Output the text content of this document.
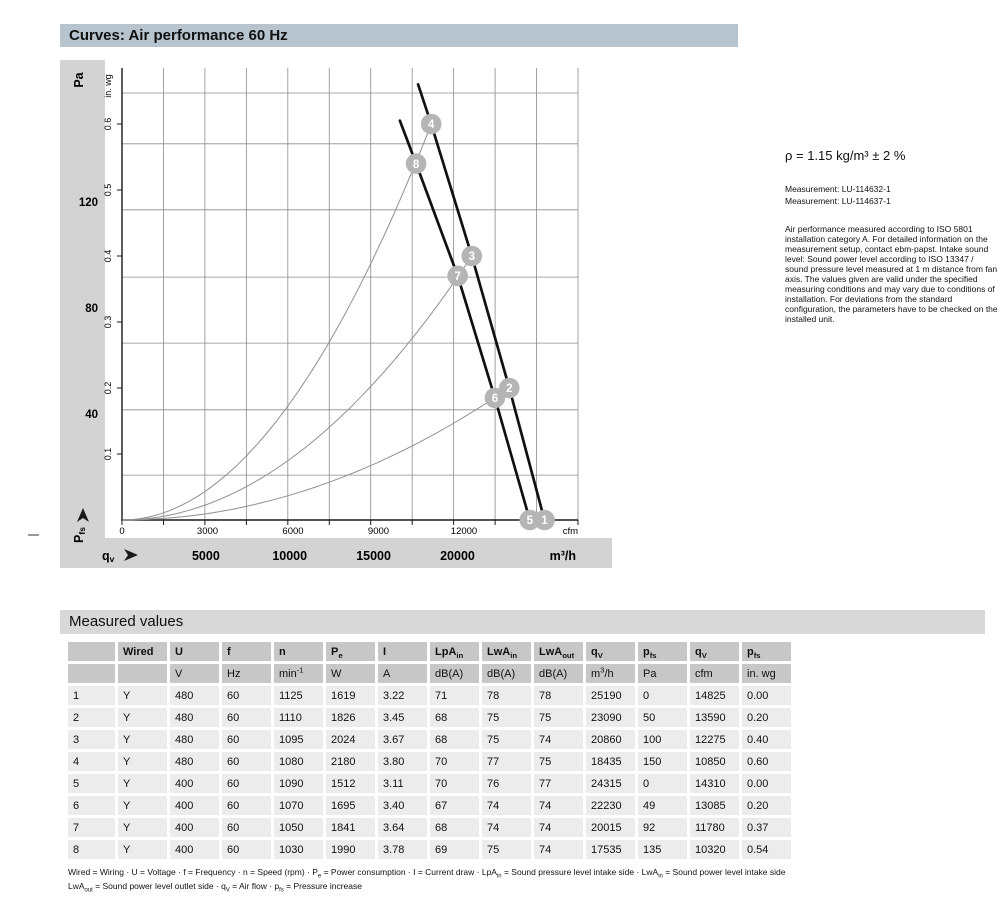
Curves: Air performance 60 Hz
4
3
2
1
8
7
6
5
Pa in. wg
0.1
0.2
0.3
0.4
0.5
0.6
40
80
120
Pfs	0	3000	6000	9000	12000	cfm
qv	5000	10000	15000	20000	m³/h
ρ = 1.15 kg/m³ ± 2 %
Measurement: LU-114632-1
Measurement: LU-114637-1
Air performance measured according to ISO 5801 installation category A. For detailed information on the measurement setup, contact ebm-papst. Intake sound level: Sound power level according to ISO 13347 / sound pressure level measured at 1 m distance from fan axis. The values given are valid under the specified measuring conditions and may vary due to conditions of installation. For deviations from the standard configuration, the parameters have to be checked on the installed unit.
Measured values
	Wired	U	f	n	$P_e$	I	LpA$_{in}$	LwA$_{in}$	LwA$_{out}$	$q_V$	$p_{fs}$	$q_V$	$p_{fs}$
		V	Hz	$\min^{-1}$	W	A	dB(A)	dB(A)	dB(A)	$m^3/h$	Pa	cfm	in. wg
1	Y	480	60	1125	1619	3.22	71	78	78	25190	0	14825	0.00
2	Y	480	60	1110	1826	3.45	68	75	75	23090	50	13590	0.20
3	Y	480	60	1095	2024	3.67	68	75	74	20860	100	12275	0.40
4	Y	480	60	1080	2180	3.80	70	77	75	18435	150	10850	0.60
5	Y	400	60	1090	1512	3.11	70	76	77	24315	0	14310	0.00
6	Y	400	60	1070	1695	3.40	67	74	74	22230	49	13085	0.20
7	Y	400	60	1050	1841	3.64	68	74	74	20015	92	11780	0.37
8	Y	400	60	1030	1990	3.78	69	75	74	17535	135	10320	0.54
Wired = Wiring · U = Voltage · f = Frequency · n = Speed $(rpm) \cdot P_e$ = Power consumption · I = Current draw · LpA$_{in}$ = Sound pressure level intake side · LwA$_{in}$ = Sound power level intake side
LwA$_{out}$ = Sound power level outlet side · $q_V$ = Air flow · $p_{fs}$ = Pressure increase
